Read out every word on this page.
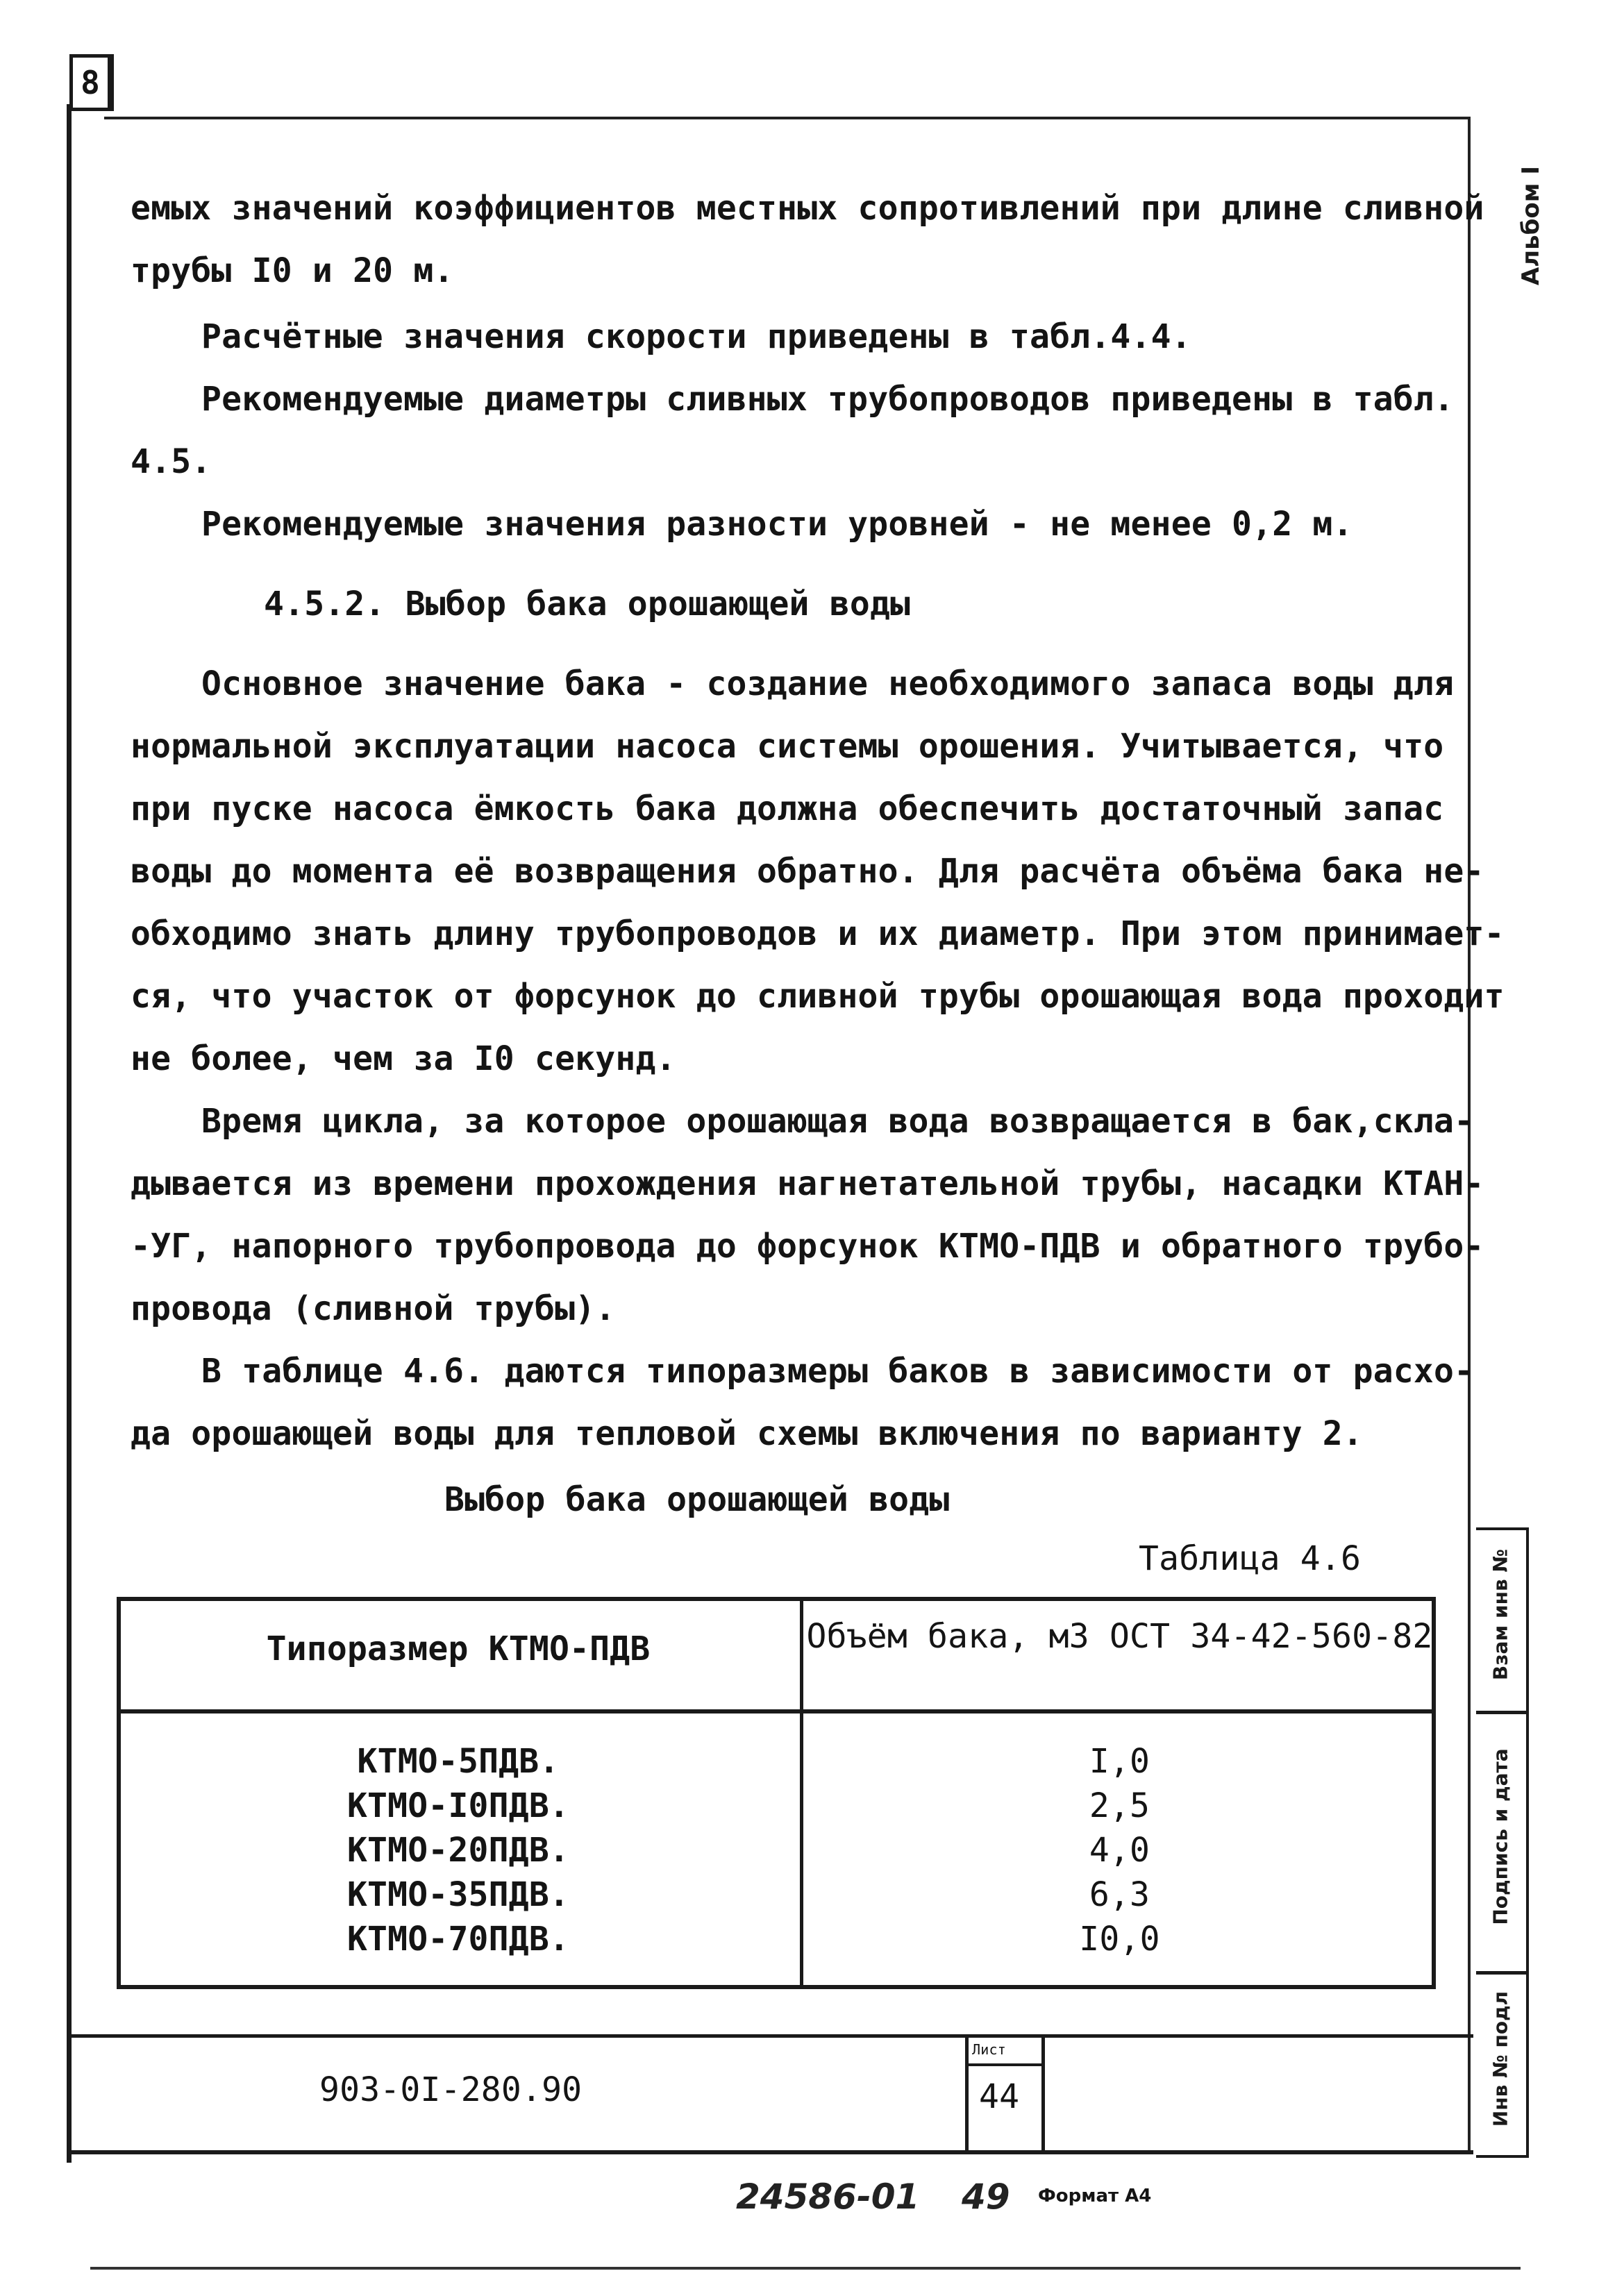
8
Альбом I
Взам инв №
Подпись и дата
Инв № подл
емых значений коэффициентов местных сопротивлений при длине сливной
трубы I0 и 20 м.
Расчётные значения скорости приведены в табл.4.4.
Рекомендуемые диаметры сливных трубопроводов приведены в табл.
4.5.
Рекомендуемые значения разности уровней - не менее 0,2 м.
4.5.2. Выбор бака орошающей воды
Основное значение бака - создание необходимого запаса воды для
нормальной эксплуатации насоса системы орошения. Учитывается, что
при пуске насоса ёмкость бака должна обеспечить достаточный запас
воды до момента её возвращения обратно. Для расчёта объёма бака не-
обходимо знать длину трубопроводов и их диаметр. При этом принимает-
ся, что участок от форсунок до сливной трубы орошающая вода проходит
не более, чем за I0 секунд.
Время цикла, за которое орошающая вода возвращается в бак,скла-
дывается из времени прохождения нагнетательной трубы, насадки КТАН-
-УГ, напорного трубопровода до форсунок КТМО-ПДВ и обратного трубо-
провода (сливной трубы).
В таблице 4.6. даются типоразмеры баков в зависимости от расхо-
да орошающей воды для тепловой схемы включения по варианту 2.
Выбор бака орошающей воды
Таблица 4.6
Типоразмер КТМО-ПДВ	Объём бака, м3 ОСТ 34-42-560-82
КТМО-5ПДВ.	I,0
КТМО-I0ПДВ.	2,5
КТМО-20ПДВ.	4,0
КТМО-35ПДВ.	6,3
КТМО-70ПДВ.	I0,0
903-0I-280.90
Лист
44
24586-01 49 Формат А4
